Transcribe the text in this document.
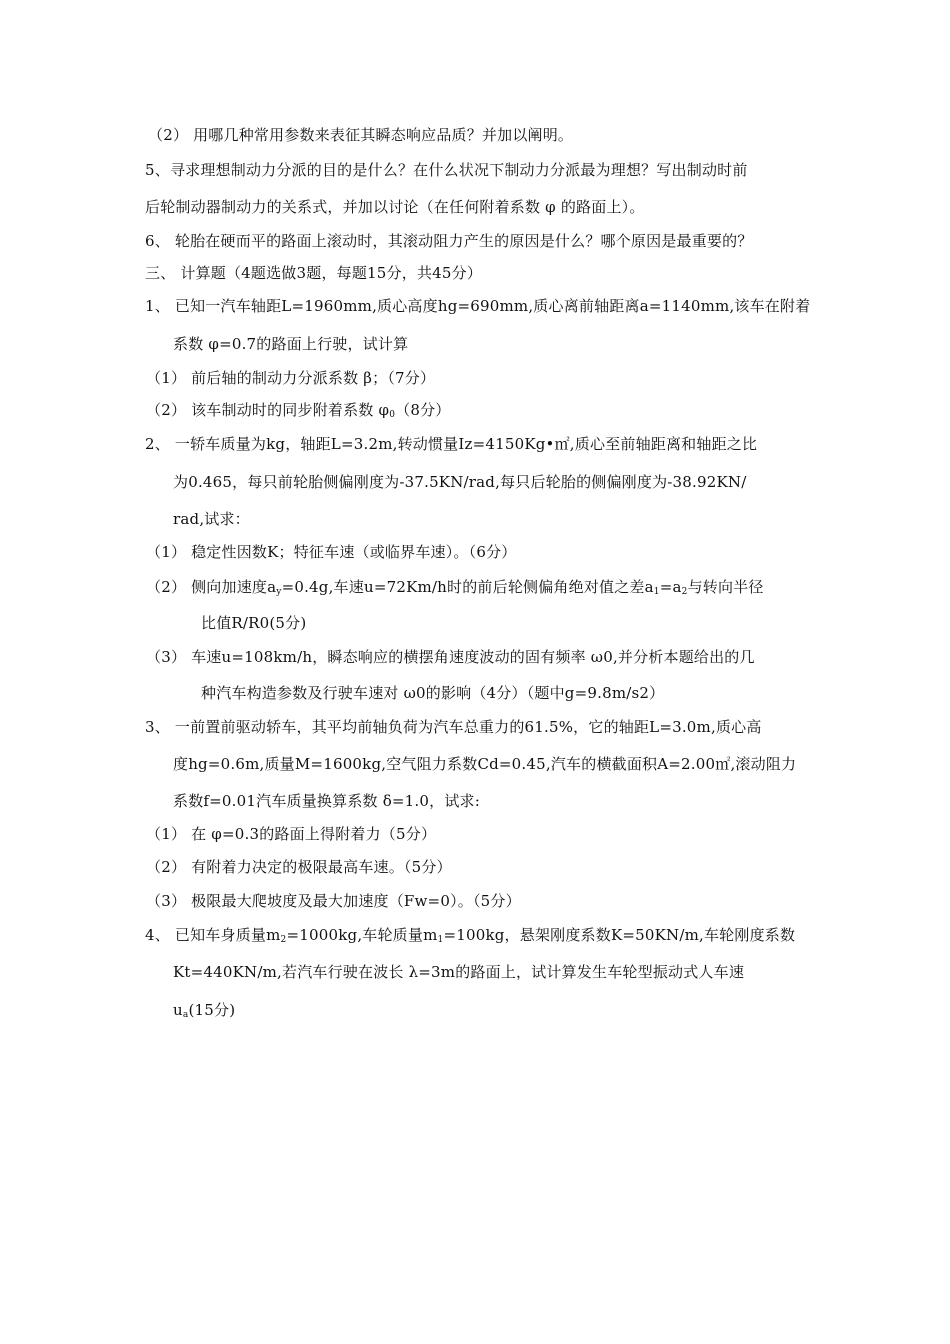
（2） 用哪几种常用参数来表征其瞬态响应品质？并加以阐明。
5、寻求理想制动力分派的目的是什么？在什么状况下制动力分派最为理想？写出制动时前
后轮制动器制动力的关系式，并加以讨论（在任何附着系数 φ 的路面上）。
6、 轮胎在硬而平的路面上滚动时，其滚动阻力产生的原因是什么？哪个原因是最重要的？
三、 计算题（4题选做3题，每题15分，共45分）
1、 已知一汽车轴距L=1960mm,质心高度hg=690mm,质心离前轴距离a=1140mm,该车在附着
系数 φ=0.7的路面上行驶，试计算
（1） 前后轴的制动力分派系数 β；（7分）
（2） 该车制动时的同步附着系数 $\varphi_0(8$分）
2、 一轿车质量为kg，轴距L=3.2m,转动惯量Iz=4150Kg•㎡,质心至前轴距离和轴距之比
为0.465，每只前轮胎侧偏刚度为-37.5KN/rad,每只后轮胎的侧偏刚度为-38.92KN/
rad,试求：
（1） 稳定性因数K；特征车速（或临界车速）。（6分）
（2） 侧向加速度$a_y=0.4g$,车速u=72Km/h时的前后轮侧偏角绝对值之差$a_1=a_2$与转向半径
比值R/R0(5分)
（3） 车速u=108km/h，瞬态响应的横摆角速度波动的固有频率 ω0,并分析本题给出的几
种汽车构造参数及行驶车速对 ω0的影响（4分）（题中g=9.8m/s2）
3、 一前置前驱动轿车，其平均前轴负荷为汽车总重力的61.5%，它的轴距L=3.0m,质心高
度hg=0.6m,质量M=1600kg,空气阻力系数Cd=0.45,汽车的横截面积A=2.00㎡,滚动阻力
系数f=0.01汽车质量换算系数 δ=1.0，试求:
（1） 在 φ=0.3的路面上得附着力（5分）
（2） 有附着力决定的极限最高车速。（5分）
（3） 极限最大爬坡度及最大加速度（Fw=0）。（5分）
4、 已知车身质量$m_2=1000kg$,车轮质量$m_1=100kg$，悬架刚度系数K=50KN/m,车轮刚度系数
Kt=440KN/m,若汽车行驶在波长 λ=3m的路面上，试计算发生车轮型振动式人车速
$u_a(15$分)
